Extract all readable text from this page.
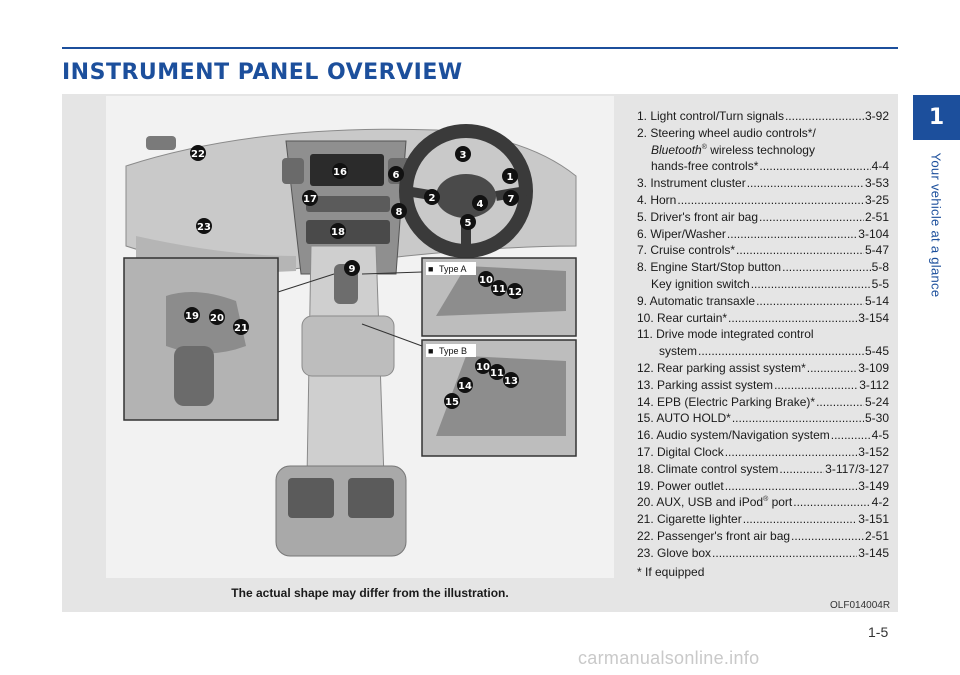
INSTRUMENT PANEL OVERVIEW
1
Your vehicle at a glance
■ Type A
■ Type B
1
2
3
4
5
6
7
8
9
10
11 12
10
11
13
14
15
16
17
18
19 20
21
22
23
The actual shape may differ from the illustration.
OLF014004R
1. Light control/Turn signals .....	3-92
2. Steering wheel audio controls*/
Bluetooth® wireless technology
hands-free controls* .....	4-4
3. Instrument cluster .....	3-53
4. Horn .....	3-25
5. Driver's front air bag .....	2-51
6. Wiper/Washer .....	3-104
7. Cruise controls* .....	5-47
8. Engine Start/Stop button .....	5-8
Key ignition switch .....	5-5
9. Automatic transaxle .....	5-14
10. Rear curtain* .....	3-154
11. Drive mode integrated control
system .....	5-45
12. Rear parking assist system* .....	3-109
13. Parking assist system .....	3-112
14. EPB (Electric Parking Brake)* .....	5-24
15. AUTO HOLD* .....	5-30
16. Audio system/Navigation system .....	4-5
17. Digital Clock .....	3-152
18. Climate control system .....	3-117/3-127
19. Power outlet .....	3-149
20. AUX, USB and iPod® port .....	4-2
21. Cigarette lighter .....	3-151
22. Passenger's front air bag .....	2-51
23. Glove box .....	3-145
* If equipped
1-5
carmanualsonline.info
